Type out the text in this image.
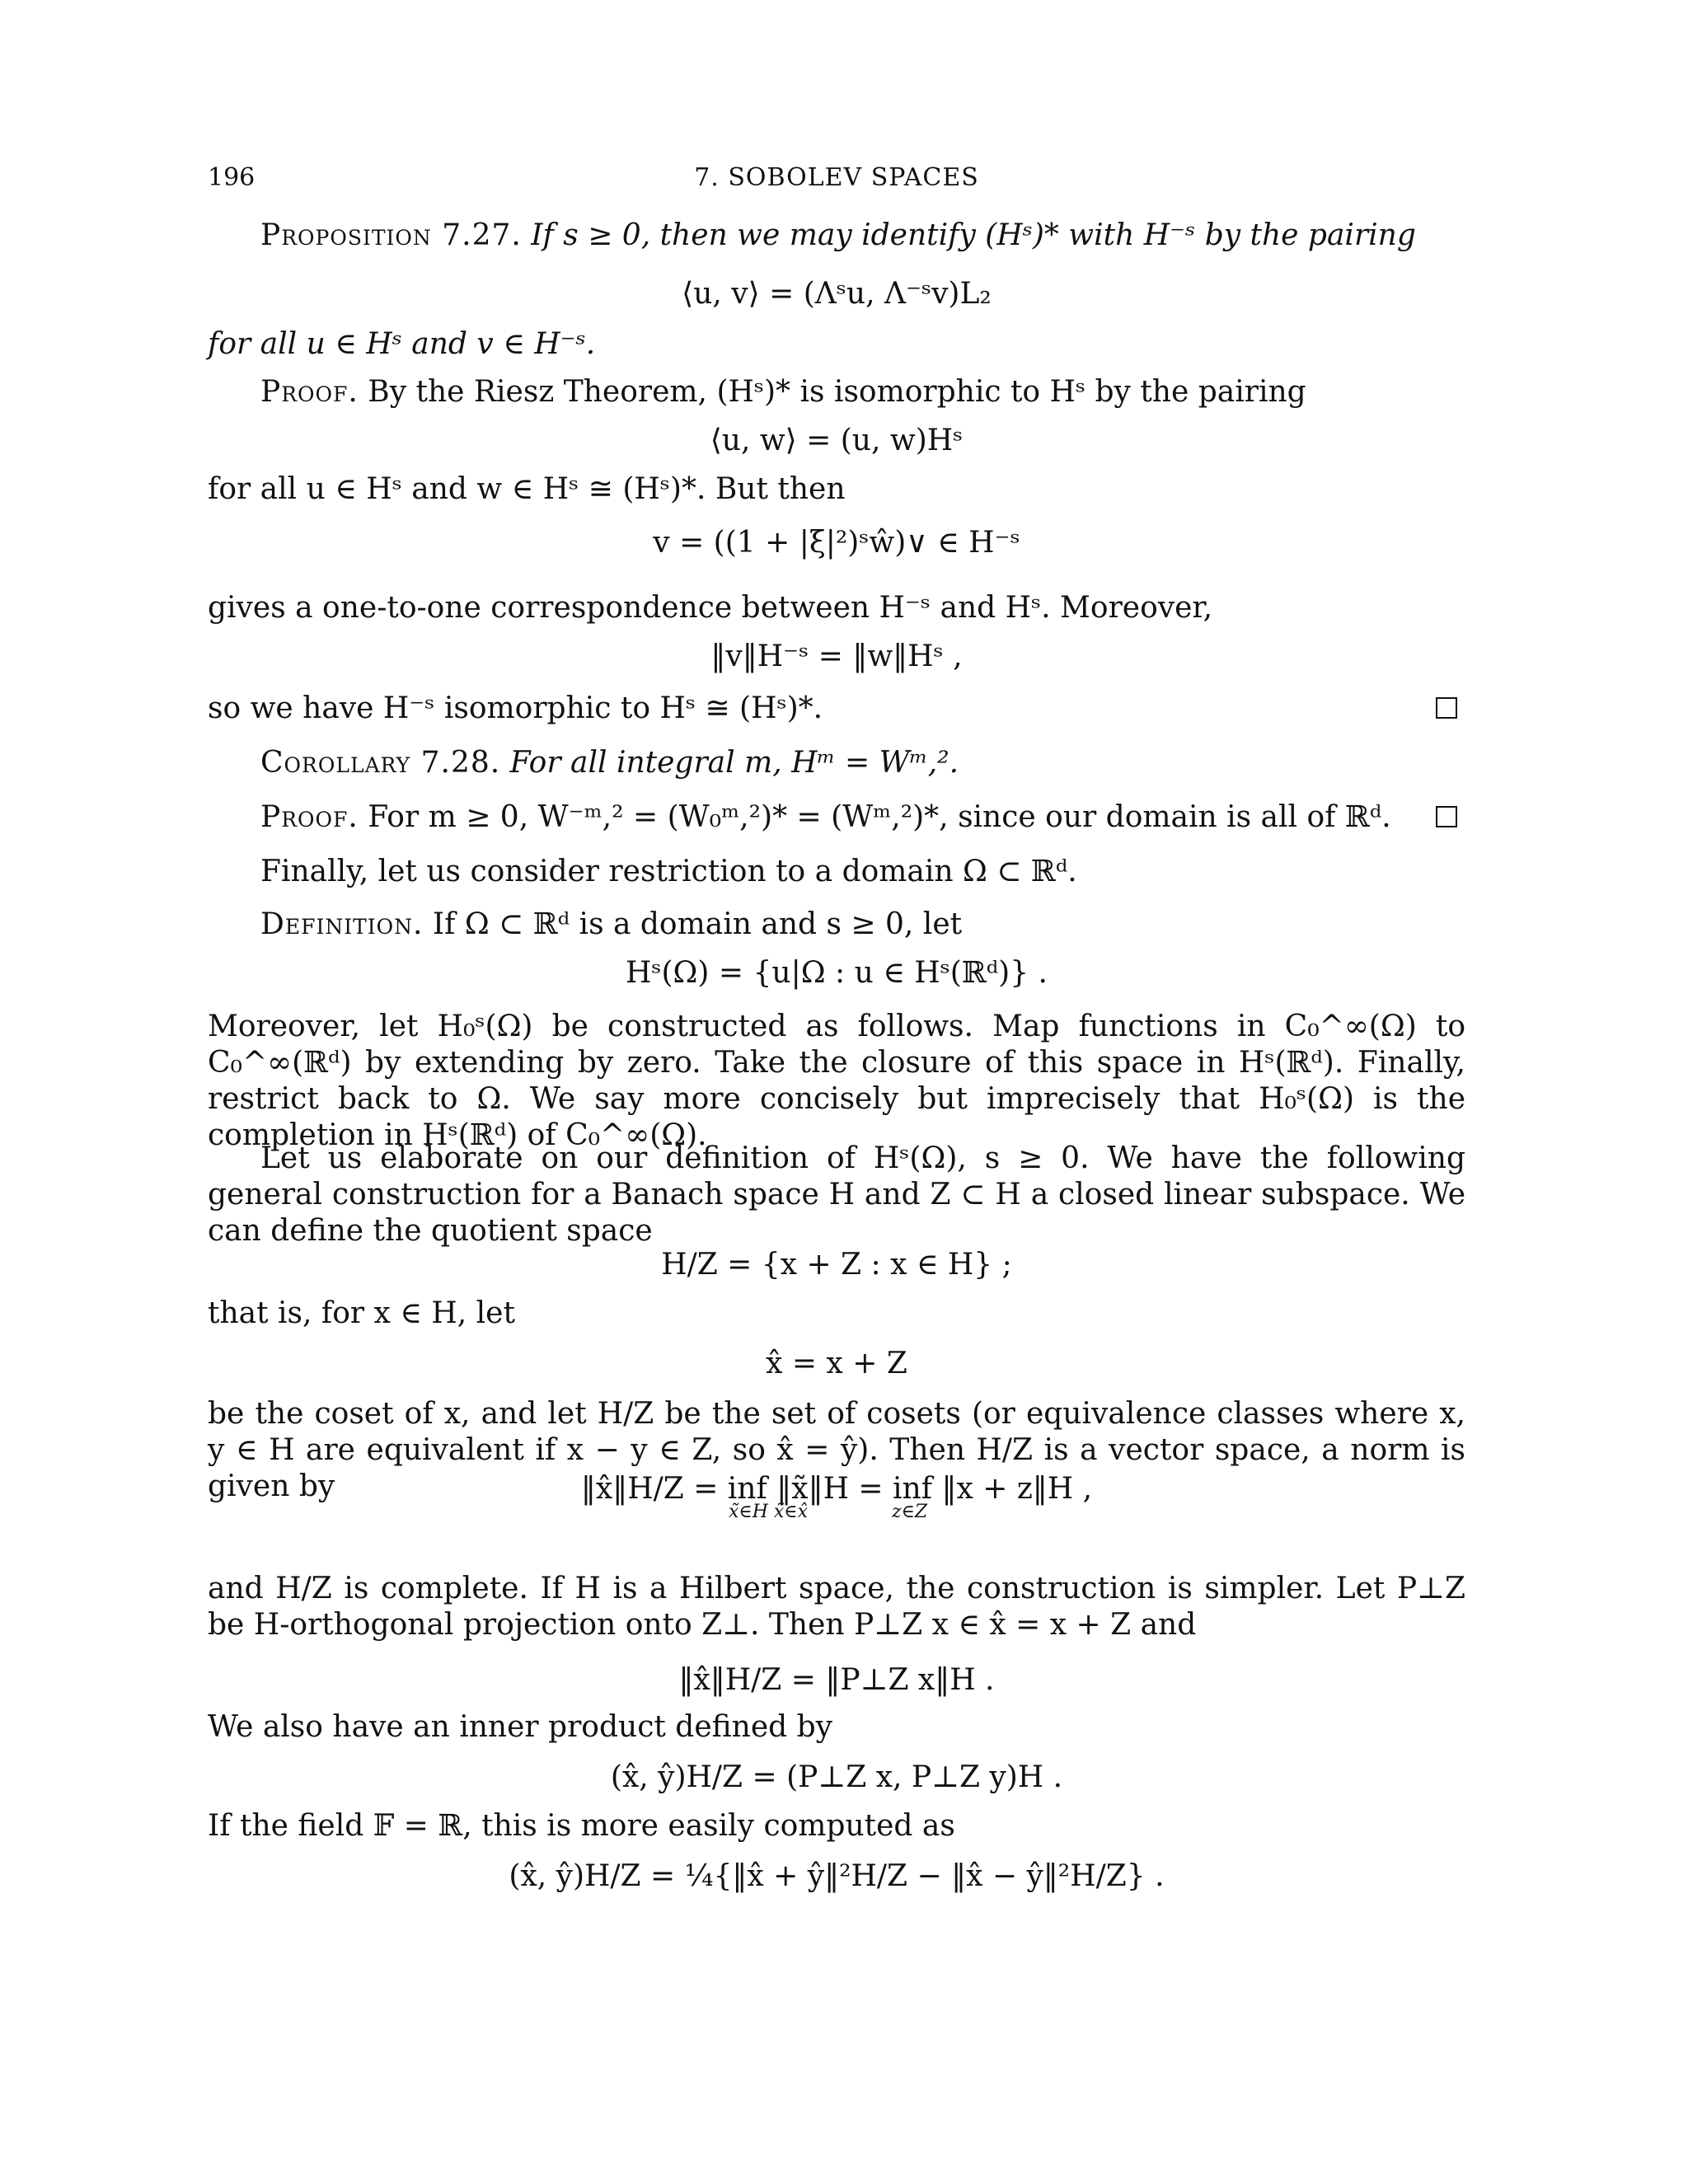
196	7. SOBOLEV SPACES
Proposition 7.27. If s ≥ 0, then we may identify (Hˢ)* with H⁻ˢ by the pairing
⟨u, v⟩ = (Λˢu, Λ⁻ˢv)L₂
for all u ∈ Hˢ and v ∈ H⁻ˢ.
Proof. By the Riesz Theorem, (Hˢ)* is isomorphic to Hˢ by the pairing
⟨u, w⟩ = (u, w)Hˢ
for all u ∈ Hˢ and w ∈ Hˢ ≅ (Hˢ)*. But then
v = ((1 + |ξ|²)ˢŵ)∨ ∈ H⁻ˢ
gives a one-to-one correspondence between H⁻ˢ and Hˢ. Moreover,
‖v‖H⁻ˢ = ‖w‖Hˢ ,
so we have H⁻ˢ isomorphic to Hˢ ≅ (Hˢ)*.
Corollary 7.28. For all integral m, Hᵐ = Wᵐ,².
Proof. For m ≥ 0, W⁻ᵐ,² = (W₀ᵐ,²)* = (Wᵐ,²)*, since our domain is all of ℝᵈ.
Finally, let us consider restriction to a domain Ω ⊂ ℝᵈ.
Definition. If Ω ⊂ ℝᵈ is a domain and s ≥ 0, let
Hˢ(Ω) = {u|Ω : u ∈ Hˢ(ℝᵈ)} .
Moreover, let H₀ˢ(Ω) be constructed as follows. Map functions in C₀^∞(Ω) to C₀^∞(ℝᵈ) by extending by zero. Take the closure of this space in Hˢ(ℝᵈ). Finally, restrict back to Ω. We say more concisely but imprecisely that H₀ˢ(Ω) is the completion in Hˢ(ℝᵈ) of C₀^∞(Ω).
Let us elaborate on our definition of Hˢ(Ω), s ≥ 0. We have the following general construction for a Banach space H and Z ⊂ H a closed linear subspace. We can define the quotient space
H/Z = {x + Z : x ∈ H} ;
that is, for x ∈ H, let
x̂ = x + Z
be the coset of x, and let H/Z be the set of cosets (or equivalence classes where x, y ∈ H are equivalent if x − y ∈ Z, so x̂ = ŷ). Then H/Z is a vector space, a norm is given by	‖x̂‖H/Z = inf ‖x̃‖H = inf ‖x + z‖H ,
x̃∈H x̃∈x̂	z∈Z
and H/Z is complete. If H is a Hilbert space, the construction is simpler. Let P⊥Z be H-orthogonal projection onto Z⊥. Then P⊥Z x ∈ x̂ = x + Z and
‖x̂‖H/Z = ‖P⊥Z x‖H .
We also have an inner product defined by
(x̂, ŷ)H/Z = (P⊥Z x, P⊥Z y)H .
If the field 𝔽 = ℝ, this is more easily computed as
(x̂, ŷ)H/Z = ¼{‖x̂ + ŷ‖²H/Z − ‖x̂ − ŷ‖²H/Z} .
